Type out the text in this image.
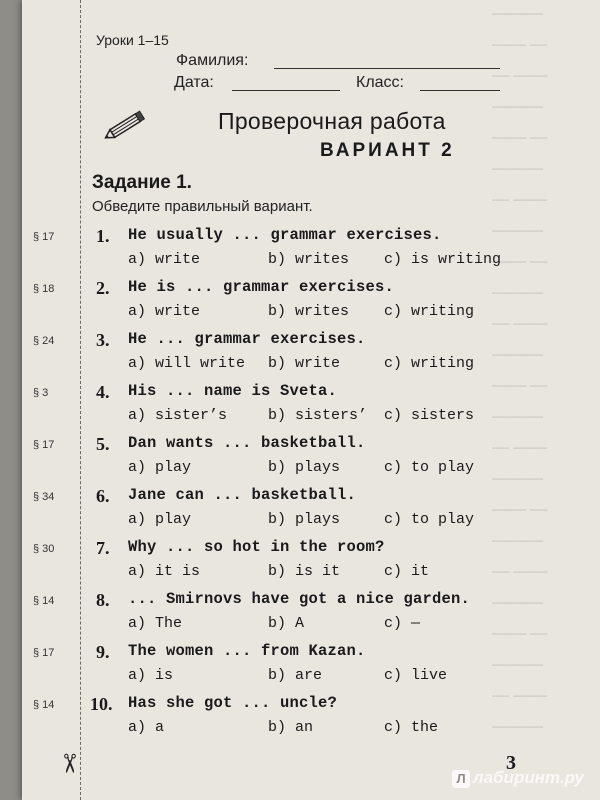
———
—— —
— ——
———
—— —
———
— ——
———
—— —
———
— ——
———
—— —
———
— ——
———
—— —
———
— ——
———
—— —
———
— ——
———
Уроки 1–15
Фамилия:
Дата:	Класс:
Проверочная работа
ВАРИАНТ 2
Задание 1.
Обведите правильный вариант.
§ 17 1. He usually ... grammar exercises.
a) write	b) writes c) is writing
§ 18 2. He is ... grammar exercises.
a) write	b) writes c) writing
§ 24 3. He ... grammar exercises.
a) will write b) write	c) writing
§ 3	4. His ... name is Sveta.
a) sister’s	b) sisters’ c) sisters
§ 17 5. Dan wants ... basketball.
a) play	b) plays	c) to play
§ 34 6. Jane can ... basketball.
a) play	b) plays	c) to play
§ 30 7. Why ... so hot in the room?
a) it is	b) is it	c) it
§ 14 8. ... Smirnovs have got a nice garden.
a) The	b) A	c) —
§ 17 9. The women ... from Kazan.
a) is	b) are	c) live
§ 14 10. Has she got ... uncle?
a) a	b) an	c) the
✂	3
Л лабиринт.ру
